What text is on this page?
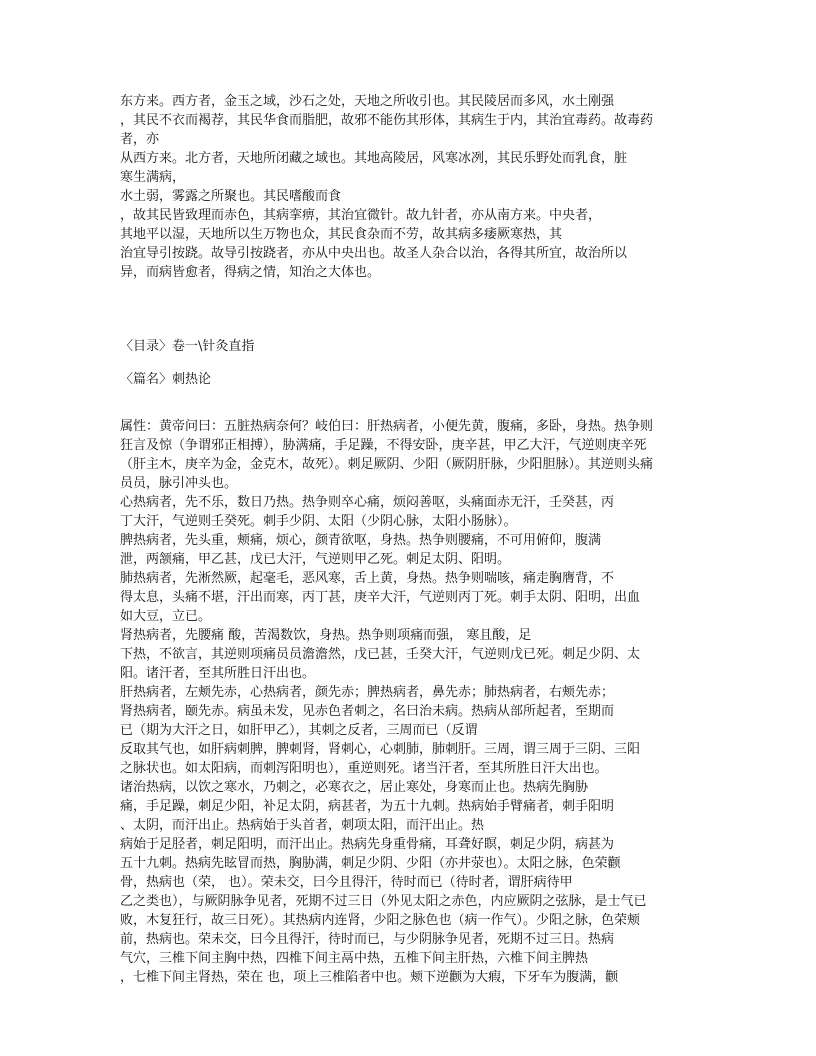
东方来。西方者，金玉之域，沙石之处，天地之所收引也。其民陵居而多风，水土刚强
，其民不衣而褐荐，其民华食而脂肥，故邪不能伤其形体，其病生于内，其治宜毒药。故毒药
者，亦
从西方来。北方者，天地所闭藏之域也。其地高陵居，风寒冰冽，其民乐野处而乳食，脏
寒生满病，
水土弱，雾露之所聚也。其民嗜酸而食
，故其民皆致理而赤色，其病挛痹，其治宜微针。故九针者，亦从南方来。中央者，
其地平以湿，天地所以生万物也众，其民食杂而不劳，故其病多痿厥寒热，其
治宜导引按跷。故导引按跷者，亦从中央出也。故圣人杂合以治，各得其所宜，故治所以
异，而病皆愈者，得病之情，知治之大体也。
〈目录〉卷一\针灸直指
〈篇名〉刺热论
属性：黄帝问曰：五脏热病奈何？岐伯曰：肝热病者，小便先黄，腹痛，多卧，身热。热争则
狂言及惊（争谓邪正相搏），胁满痛，手足躁，不得安卧，庚辛甚，甲乙大汗，气逆则庚辛死
（肝主木，庚辛为金，金克木，故死）。刺足厥阴、少阳（厥阴肝脉，少阳胆脉）。其逆则头痛
员员，脉引冲头也。
心热病者，先不乐，数日乃热。热争则卒心痛，烦闷善呕，头痛面赤无汗，壬癸甚，丙
丁大汗，气逆则壬癸死。刺手少阴、太阳（少阴心脉，太阳小肠脉）。
脾热病者，先头重，颊痛，烦心，颜青欲呕，身热。热争则腰痛，不可用俯仰，腹满
泄，两颔痛，甲乙甚，戊已大汗，气逆则甲乙死。刺足太阴、阳明。
肺热病者，先淅然厥，起毫毛，恶风寒，舌上黄，身热。热争则喘咳，痛走胸膺背，不
得太息，头痛不堪，汗出而寒，丙丁甚，庚辛大汗，气逆则丙丁死。刺手太阴、阳明，出血
如大豆，立已。
肾热病者，先腰痛 酸，苦渴数饮，身热。热争则项痛而强， 寒且酸，足
下热，不欲言，其逆则项痛员员澹澹然，戊已甚，壬癸大汗，气逆则戊已死。刺足少阴、太
阳。诸汗者，至其所胜日汗出也。
肝热病者，左颊先赤，心热病者，颜先赤；脾热病者，鼻先赤；肺热病者，右颊先赤；
肾热病者，颐先赤。病虽未发，见赤色者刺之，名曰治未病。热病从部所起者，至期而
已（期为大汗之日，如肝甲乙），其刺之反者，三周而已（反谓
反取其气也，如肝病刺脾，脾刺肾，肾刺心，心刺肺，肺刺肝。三周，谓三周于三阴、三阳
之脉状也。如太阳病，而刺泻阳明也），重逆则死。诸当汗者，至其所胜日汗大出也。
诸治热病，以饮之寒水，乃刺之，必寒衣之，居止寒处，身寒而止也。热病先胸胁
痛，手足躁，刺足少阳，补足太阴，病甚者，为五十九刺。热病始手臂痛者，刺手阳明
、太阴，而汗出止。热病始于头首者，刺项太阳，而汗出止。热
病始于足胫者，刺足阳明，而汗出止。热病先身重骨痛，耳聋好瞑，刺足少阴，病甚为
五十九刺。热病先眩冒而热，胸胁满，刺足少阴、少阳（亦井荥也）。太阳之脉，色荣颧
骨，热病也（荣， 也）。荣未交，曰今且得汗，待时而已（待时者，谓肝病待甲
乙之类也），与厥阴脉争见者，死期不过三日（外见太阳之赤色，内应厥阴之弦脉，是士气已
败，木复狂行，故三日死）。其热病内连肾，少阳之脉色也（病一作气）。少阳之脉，色荣颊
前，热病也。荣未交，曰今且得汗，待时而已，与少阴脉争见者，死期不过三日。热病
气穴，三椎下间主胸中热，四椎下间主鬲中热，五椎下间主肝热，六椎下间主脾热
，七椎下间主肾热，荣在 也，项上三椎陷者中也。颊下逆颧为大瘕，下牙车为腹满，颧
